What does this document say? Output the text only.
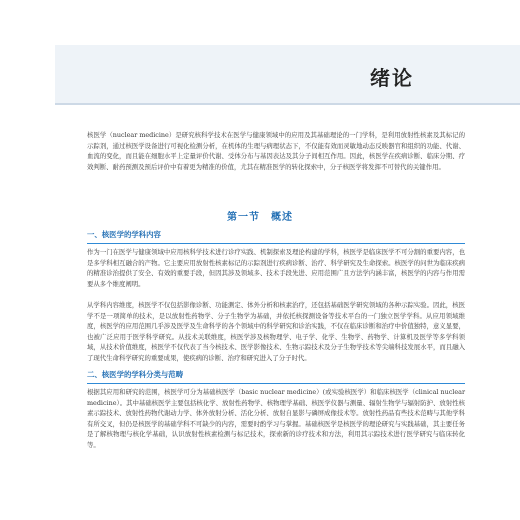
绪论
核医学（nuclear medicine）是研究核科学技术在医学与健康领域中的应用及其基础理论的一门学科，是利用放射性核素及其标记的示踪剂，通过核医学设备进行可视化检测分析，在机体的生理与病理状态下，不仅能有效而灵敏地动态反映器官和组织的功能、代谢、血流的变化，而且能在细胞水平上定量评价代谢、受体分布与基因表达及其分子间相互作用。因此，核医学在疾病诊断、临床分期、疗效判断、耐药预测及预后评价中有着更为精准的价值，尤其在精准医学的转化探索中，分子核医学将发挥不可替代的关键作用。
第一节　概述
一、核医学的学科内容
作为一门在医学与健康领域中应用核科学技术进行诊疗实践、机制探索及理论构建的学科，核医学是临床医学不可分割的重要内容，也是多学科相互融合的产物。它主要应用放射性核素标记的示踪剂进行疾病诊断、治疗、科学研究及生命探索。核医学的问世为临床疾病的精准诊治提供了安全、有效的重要手段，但因其涉及领域多、技术手段先进、应用范围广且方法学内涵丰富，核医学的内容与作用需要从多个维度阐明。
从学科内容维度，核医学不仅包括影像诊断、功能测定、体外分析和核素治疗，还包括基础医学研究领域的各种示踪实验。因此，核医学不是一项简单的技术，是以放射性药物学、分子生物学为基础，并依托核探测设备等技术平台的一门独立医学学科。从应用领域维度，核医学的应用范围几乎涉及医学及生命科学的各个领域中的科学研究和诊治实践，不仅在临床诊断和治疗中价值独特，意义显要，也被广泛应用于医学科学研究。从技术关联维度，核医学涉及核物理学、电子学、化学、生物学、药物学、计算机及医学等多学科领域，从技术价值维度，核医学不仅代表了当今核技术、医学影像技术、生物示踪技术及分子生物学技术等尖端科技发展水平，而且融入了现代生命科学研究的重要成果，使疾病的诊断、治疗和研究进入了分子时代。
二、核医学的学科分类与范畴
根据其应用和研究的范围，核医学可分为基础核医学（basic nuclear medicine）(或实验核医学）和临床核医学（clinical nuclear medicine）。其中基础核医学主要包括核化学、放射性药物学、核物理学基础、核医学仪器与测量、辐射生物学与辐射防护、放射性核素示踪技术、放射性药物代谢动力学、体外放射分析、活化分析、放射自显影与磷屏成像技术等。放射性药品有些技术范畴与其他学科有所交叉，但仍是核医学的基础学科不可缺少的内容，需要时酌学习与掌握。基础核医学是核医学的理论研究与实践基础，其主要任务是了解核物理与核化学基础，认识放射性核素检测与标记技术，探索新的诊疗技术和方法，利用其示踪技术进行医学研究与临床转化等。
